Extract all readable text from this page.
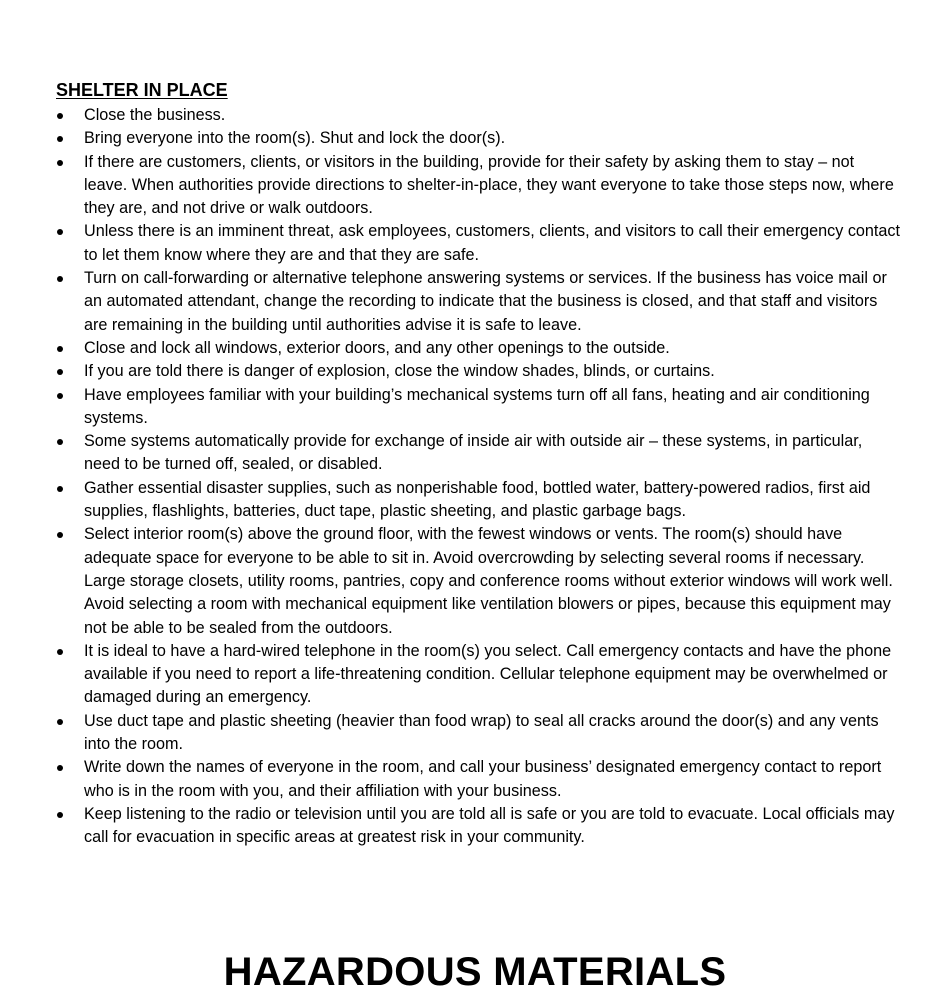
SHELTER IN PLACE
Close the business.
Bring everyone into the room(s). Shut and lock the door(s).
If there are customers, clients, or visitors in the building, provide for their safety by asking them to stay – not leave. When authorities provide directions to shelter-in-place, they want everyone to take those steps now, where they are, and not drive or walk outdoors.
Unless there is an imminent threat, ask employees, customers, clients, and visitors to call their emergency contact to let them know where they are and that they are safe.
Turn on call-forwarding or alternative telephone answering systems or services. If the business has voice mail or an automated attendant, change the recording to indicate that the business is closed, and that staff and visitors are remaining in the building until authorities advise it is safe to leave.
Close and lock all windows, exterior doors, and any other openings to the outside.
If you are told there is danger of explosion, close the window shades, blinds, or curtains.
Have employees familiar with your building’s mechanical systems turn off all fans, heating and air conditioning systems.
Some systems automatically provide for exchange of inside air with outside air – these systems, in particular, need to be turned off, sealed, or disabled.
Gather essential disaster supplies, such as nonperishable food, bottled water, battery-powered radios, first aid supplies, flashlights, batteries, duct tape, plastic sheeting, and plastic garbage bags.
Select interior room(s) above the ground floor, with the fewest windows or vents. The room(s) should have adequate space for everyone to be able to sit in. Avoid overcrowding by selecting several rooms if necessary. Large storage closets, utility rooms, pantries, copy and conference rooms without exterior windows will work well. Avoid selecting a room with mechanical equipment like ventilation blowers or pipes, because this equipment may not be able to be sealed from the outdoors.
It is ideal to have a hard-wired telephone in the room(s) you select. Call emergency contacts and have the phone available if you need to report a life-threatening condition. Cellular telephone equipment may be overwhelmed or damaged during an emergency.
Use duct tape and plastic sheeting (heavier than food wrap) to seal all cracks around the door(s) and any vents into the room.
Write down the names of everyone in the room, and call your business’ designated emergency contact to report who is in the room with you, and their affiliation with your business.
Keep listening to the radio or television until you are told all is safe or you are told to evacuate. Local officials may call for evacuation in specific areas at greatest risk in your community.
HAZARDOUS MATERIALS
